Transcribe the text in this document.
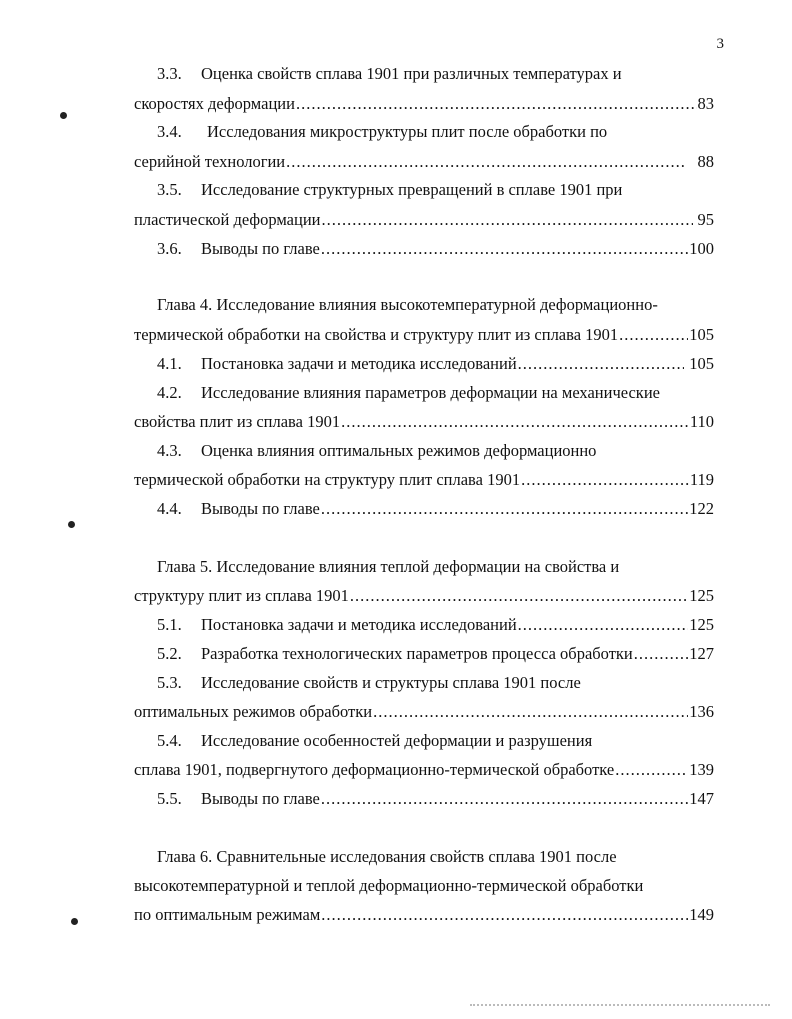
3
3.3.	Оценка свойств сплава 1901 при различных температурах и
скоростях деформации .....	83
3.4.	Исследования микроструктуры плит после обработки по
серийной технологии .....	88
3.5.	Исследование структурных превращений в сплаве 1901 при
пластической деформации .....	95
3.6.	Выводы по главе .....	100
Глава 4. Исследование влияния высокотемпературной деформационно-
термической обработки на свойства и структуру плит из сплава 1901 .....	105
4.1.	Постановка задачи и методика исследований .....	105
4.2.	Исследование влияния параметров деформации на механические
свойства плит из сплава 1901 .....	110
4.3.	Оценка влияния оптимальных режимов деформационно
термической обработки на структуру плит сплава 1901 .....	119
4.4.	Выводы по главе .....	122
Глава 5. Исследование влияния теплой деформации на свойства и
структуру плит из сплава 1901 .....	125
5.1.	Постановка задачи и методика исследований .....	125
5.2.	Разработка технологических параметров процесса обработки .....	127
5.3.	Исследование свойств и структуры сплава 1901 после
оптимальных режимов обработки .....	136
5.4.	Исследование особенностей деформации и разрушения
сплава 1901, подвергнутого деформационно-термической обработке .....	139
5.5.	Выводы по главе .....	147
Глава 6. Сравнительные исследования свойств сплава 1901 после
высокотемпературной и теплой деформационно-термической обработки
по оптимальным режимам .....	149
